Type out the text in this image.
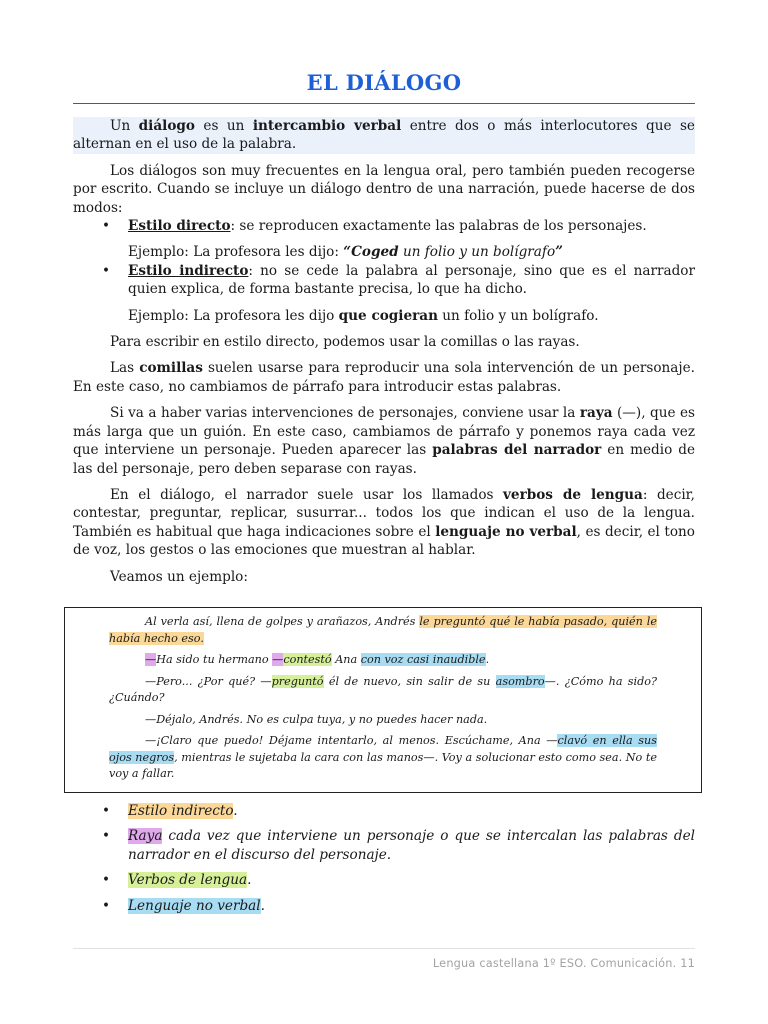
EL DIÁLOGO

Un diálogo es un intercambio verbal entre dos o más interlocutores que se alternan en el uso de la palabra.

Los diálogos son muy frecuentes en la lengua oral, pero también pueden recogerse por escrito. Cuando se incluye un diálogo dentro de una narración, puede hacerse de dos modos:

• Estilo directo: se reproducen exactamente las palabras de los personajes.

Ejemplo: La profesora les dijo: “Coged un folio y un bolígrafo”

• Estilo indirecto: no se cede la palabra al personaje, sino que es el narrador quien explica, de forma bastante precisa, lo que ha dicho.

Ejemplo: La profesora les dijo que cogieran un folio y un bolígrafo.

Para escribir en estilo directo, podemos usar la comillas o las rayas.

Las comillas suelen usarse para reproducir una sola intervención de un personaje. En este caso, no cambiamos de párrafo para introducir estas palabras.

Si va a haber varias intervenciones de personajes, conviene usar la raya (—), que es más larga que un guión. En este caso, cambiamos de párrafo y ponemos raya cada vez que interviene un personaje. Pueden aparecer las palabras del narrador en medio de las del personaje, pero deben separase con rayas.

En el diálogo, el narrador suele usar los llamados verbos de lengua: decir, contestar, preguntar, replicar, susurrar... todos los que indican el uso de la lengua. También es habitual que haga indicaciones sobre el lenguaje no verbal, es decir, el tono de voz, los gestos o las emociones que muestran al hablar.

Veamos un ejemplo:

Al verla así, llena de golpes y arañazos, Andrés le preguntó qué le había pasado, quién le había hecho eso.

—Ha sido tu hermano —contestó Ana con voz casi inaudible.

—Pero... ¿Por qué? —preguntó él de nuevo, sin salir de su asombro—. ¿Cómo ha sido? ¿Cuándo?

—Déjalo, Andrés. No es culpa tuya, y no puedes hacer nada.

—¡Claro que puedo! Déjame intentarlo, al menos. Escúchame, Ana —clavó en ella sus ojos negros, mientras le sujetaba la cara con las manos—. Voy a solucionar esto como sea. No te voy a fallar.

• Estilo indirecto.
• Raya cada vez que interviene un personaje o que se intercalan las palabras del narrador en el discurso del personaje.
• Verbos de lengua.
• Lenguaje no verbal.
Lengua castellana 1º ESO. Comunicación. 11
